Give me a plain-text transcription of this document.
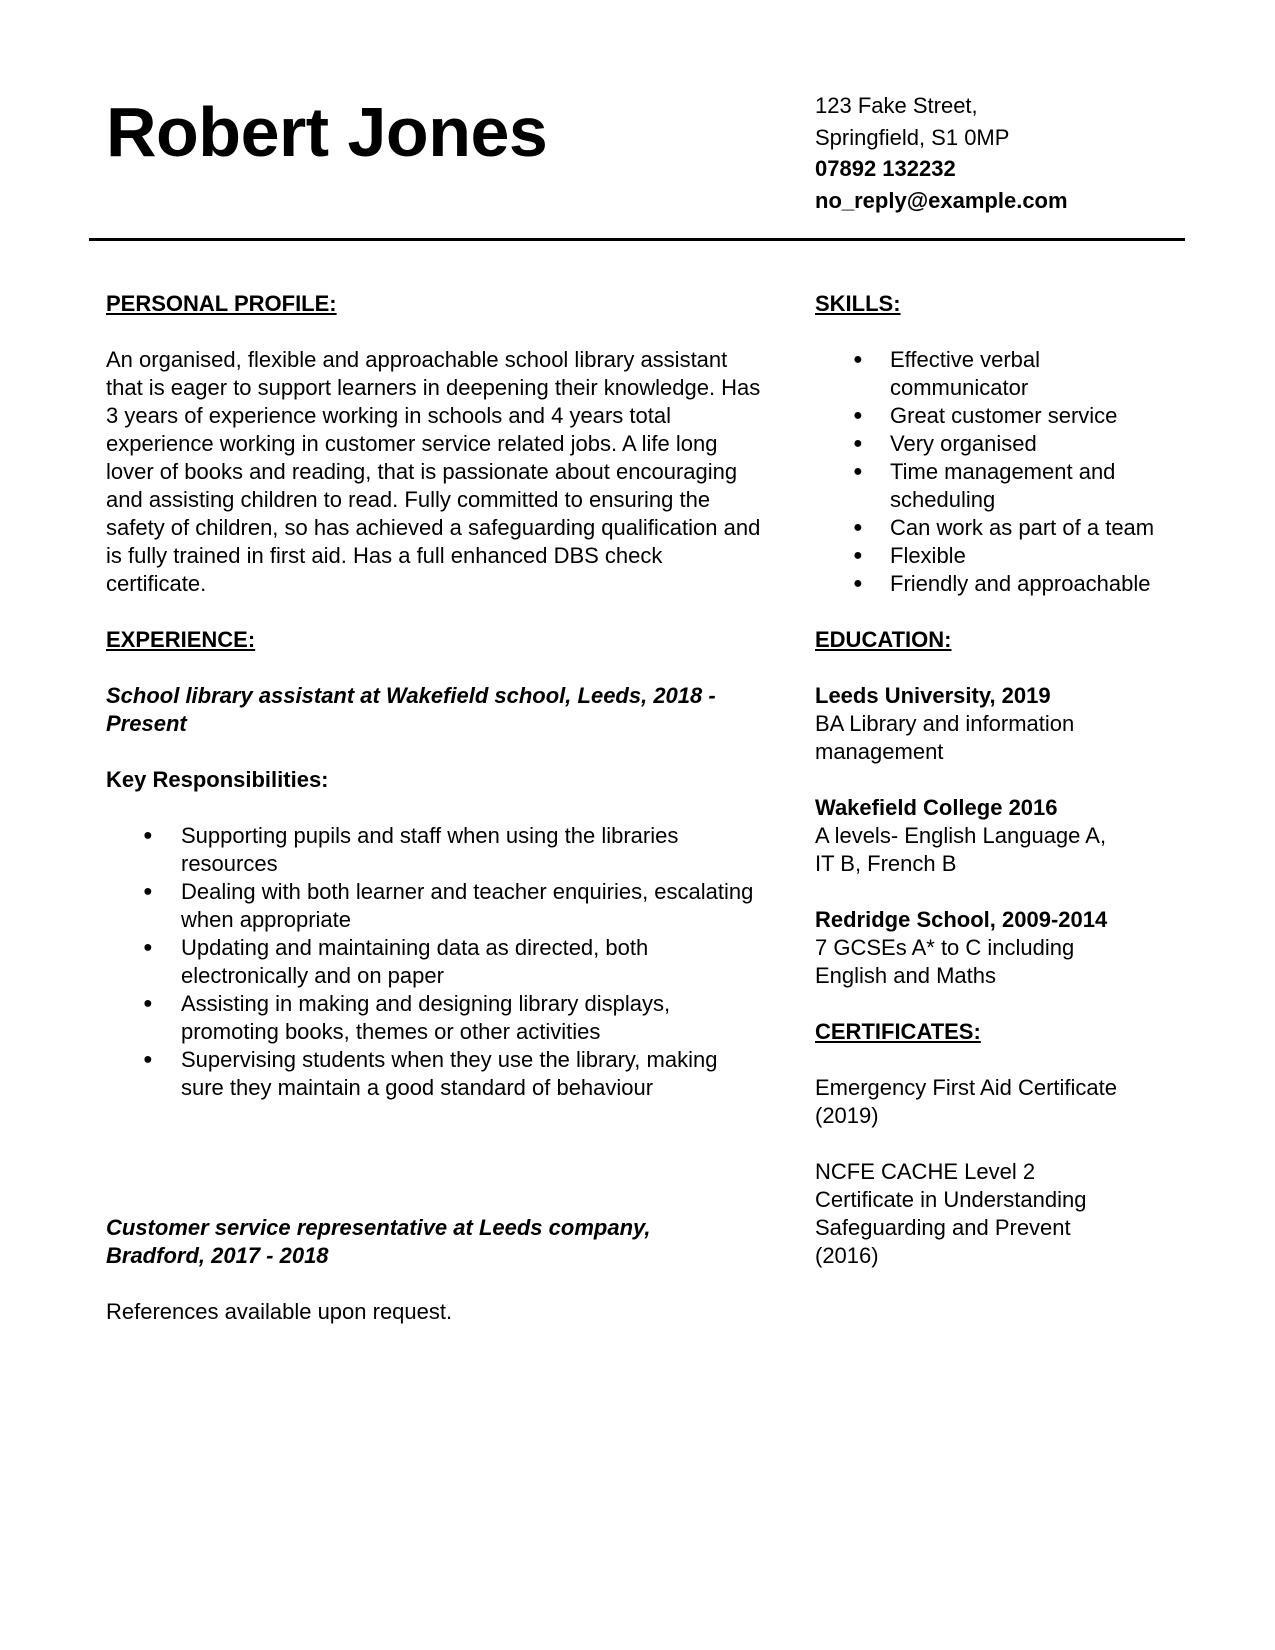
Robert Jones	123 Fake Street,
Springfield, S1 0MP
07892 132232
no_reply@example.com

PERSONAL PROFILE:

An organised, flexible and approachable school library assistant that is eager to support learners in deepening their knowledge. Has 3 years of experience working in schools and 4 years total experience working in customer service related jobs. A life long lover of books and reading, that is passionate about encouraging and assisting children to read. Fully committed to ensuring the safety of children, so has achieved a safeguarding qualification and is fully trained in first aid. Has a full enhanced DBS check certificate.

EXPERIENCE:

School library assistant at Wakefield school, Leeds, 2018 - Present

Key Responsibilities:

● Supporting pupils and staff when using the libraries resources
● Dealing with both learner and teacher enquiries, escalating when appropriate
● Updating and maintaining data as directed, both electronically and on paper
● Assisting in making and designing library displays, promoting books, themes or other activities
● Supervising students when they use the library, making sure they maintain a good standard of behaviour

Customer service representative at Leeds company, Bradford, 2017 - 2018

References available upon request.

SKILLS:

● Effective verbal communicator
● Great customer service
● Very organised
● Time management and scheduling
● Can work as part of a team
● Flexible
● Friendly and approachable

EDUCATION:

Leeds University, 2019

BA Library and information management

Wakefield College 2016

A levels- English Language A, IT B, French B

Redridge School, 2009-2014

7 GCSEs A* to C including English and Maths

CERTIFICATES:

Emergency First Aid Certificate (2019)

NCFE CACHE Level 2 Certificate in Understanding Safeguarding and Prevent (2016)
